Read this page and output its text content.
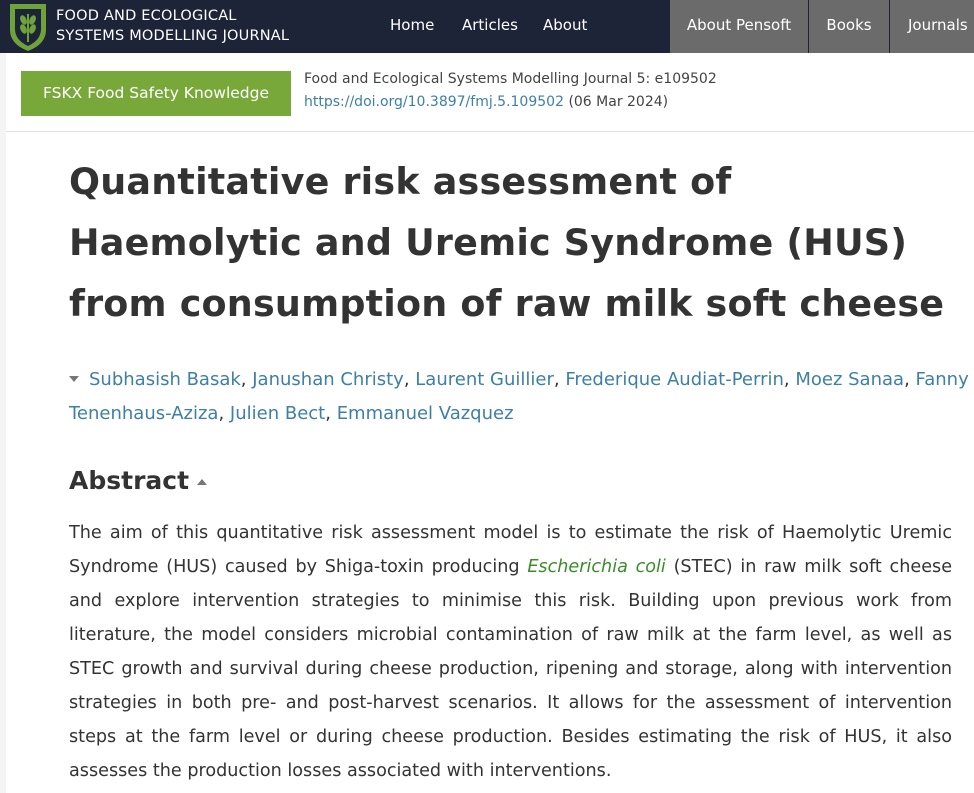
FOOD AND ECOLOGICAL
SYSTEMS MODELLING JOURNAL
Home Articles About	About Pensoft	Books	Journals
FSKX Food Safety Knowledge
Food and Ecological Systems Modelling Journal 5: e109502
https://doi.org/10.3897/fmj.5.109502 (06 Mar 2024)
Quantitative risk assessment of Haemolytic and Uremic Syndrome (HUS) from consumption of raw milk soft cheese
Subhasish Basak, Janushan Christy, Laurent Guillier, Frederique Audiat-Perrin, Moez Sanaa, Fanny Tenenhaus-Aziza, Julien Bect, Emmanuel Vazquez
Abstract

The aim of this quantitative risk assessment model is to estimate the risk of Haemolytic Uremic Syndrome (HUS) caused by Shiga-toxin producing Escherichia coli (STEC) in raw milk soft cheese and explore intervention strategies to minimise this risk. Building upon previous work from literature, the model considers microbial contamination of raw milk at the farm level, as well as STEC growth and survival during cheese production, ripening and storage, along with intervention strategies in both pre- and post-harvest scenarios. It allows for the assessment of intervention steps at the farm level or during cheese production. Besides estimating the risk of HUS, it also assesses the production losses associated with interventions.
